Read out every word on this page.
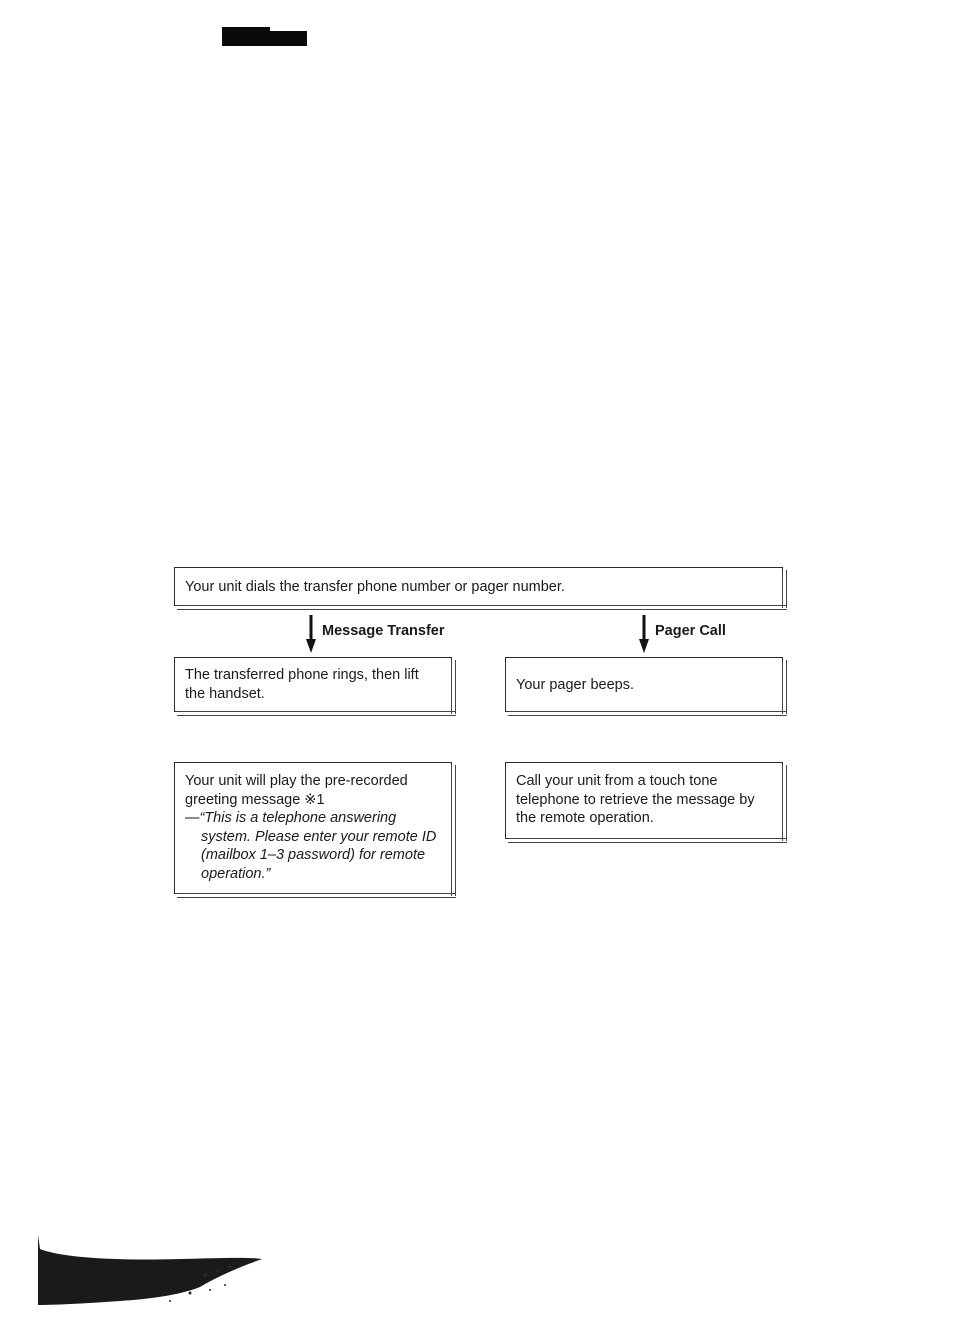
Your unit dials the transfer phone number or pager number.

Message Transfer	Pager Call

The transferred phone rings, then lift the handset.

Your pager beeps.

Your unit will play the pre-recorded greeting message ※1

—“This is a telephone answering

system. Please enter your remote ID (mailbox 1–3 password) for remote operation.”

Call your unit from a touch tone telephone to retrieve the message by the remote operation.
